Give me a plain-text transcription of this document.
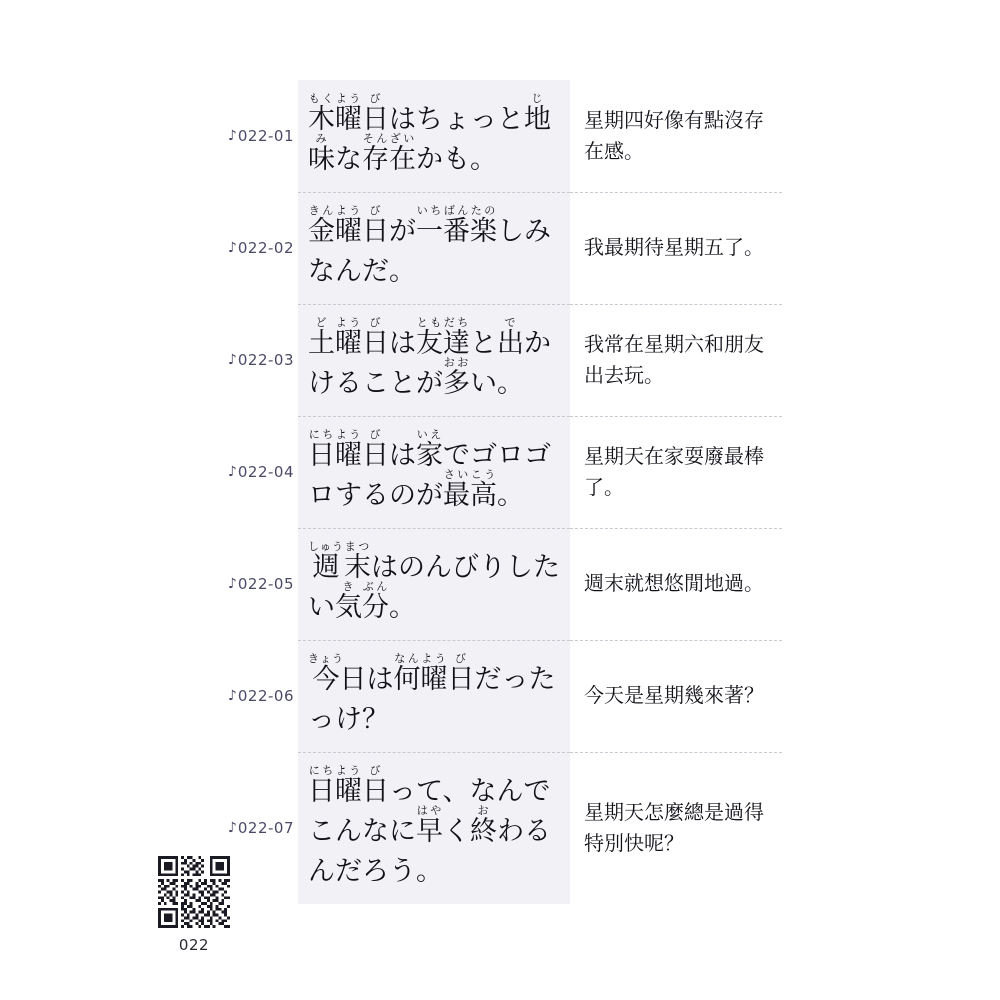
♪ 022-01
木もく曜よう日びはちょっと地じ味みな存そん在ざいかも。
星期四好像有點沒存在感。
♪ 022-02
金きん曜よう日びが一いち番ばん楽たのしみなんだ。
我最期待星期五了。
♪ 022-03
土ど曜よう日びは友とも達だちと出でかけることが多おおい。
我常在星期六和朋友出去玩。
♪ 022-04
日にち曜よう日びは家いえでゴロゴロするのが最さい高こう。
星期天在家耍廢最棒了。
♪ 022-05
週しゅう末まつはのんびりしたい気き分ぶん。
週末就想悠閒地過。
♪ 022-06
今きょう日は何なん曜よう日びだったっけ？
今天是星期幾來著？
♪ 022-07
日にち曜よう日びって、なんでこんなに早はやく終おわるんだろう。
星期天怎麼總是過得特別快呢？
022
